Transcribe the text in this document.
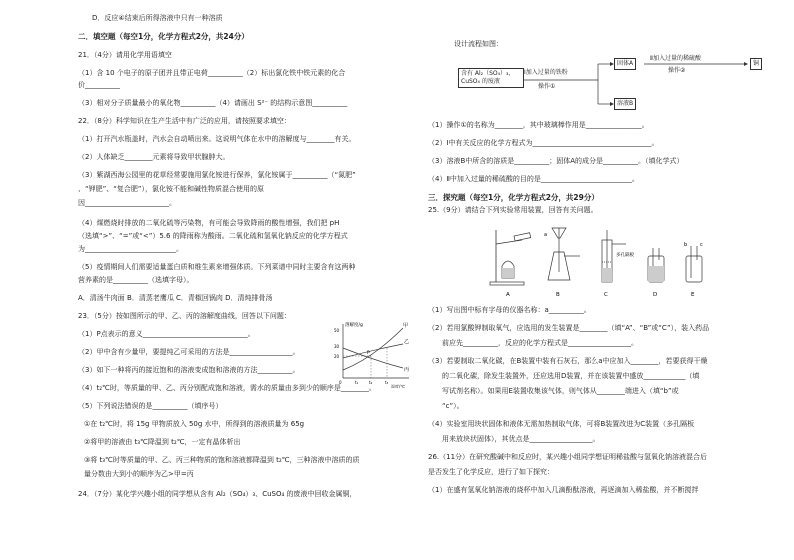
D．反应④结束后所得溶液中只有一种溶质
二．填空题（每空1分，化学方程式2分，共24分）
21．（4分）请用化学用语填空
（1）含 10 个电子的原子团并且带正电荷__________（2）标出氯化铁中铁元素的化合
价__________
（3）相对分子质量最小的氧化物__________（4）请画出 S²⁻ 的结构示意图__________
22．（8分）科学知识在生产生活中有广泛的应用，请按照要求填空：
（1）打开汽水瓶盖时，汽水会自动喷出来。这说明气体在水中的溶解度与________有关。
（2）人体缺乏________元素将导致甲状腺肿大。
（3）紫湖西海公园里的花草经常要施用氯化铵进行保养，氯化铵属于__________（“氮肥”
、“钾肥”、“复合肥”），氯化铵不能和碱性物质混合使用的原
因________________________。
（4）煤燃烧时排放的二氧化硫等污染物，有可能会导致降雨的酸性增强，我们把 pH
（选填“>”、“=”或“<”）5.6 的降雨称为酸雨。二氧化硫和氢氧化钠反应的化学方程式
为__________________________。
（5）疫情期间人们需要适量蛋白质和维生素来增强体质。下列菜谱中同时主要含有这两种
营养素的是__________（选填字母）。
A．清汤牛肉面 B．清蒸老鹰瓜 C．青椒回锅肉 D．清炖排骨汤
23．（5分）按如图所示的甲、乙、丙的溶解度曲线，回答以下问题：
（1）P点表示的意义______________________________。
（2）甲中含有少量甲，要提纯乙可采用的方法是__________________。
（3）如下一种将丙的接近饱和的溶液变成饱和溶液的方法__________。
（4）t₂℃时，等质量的甲、乙、丙分别配成饱和溶液，需水的质量由多到少的顺序是________。
（5）下列说法错误的是__________（填序号）
①在 t₂℃时，将 15g 甲物质放入 50g 水中，所得到的溶液质量为 65g
②将甲的溶液由 t₃℃降温到 t₂℃，一定有晶体析出
③将 t₃℃时等质量的甲、乙、丙三种物质的饱和溶液都降温到 t₂℃，三种溶液中溶质的质
量分数由大到小的顺序为乙>甲=丙
24．（7分）某化学兴趣小组的同学想从含有 Al₂（SO₄）₃、CuSO₄ 的废液中回收金属铜，
溶解度/g	甲
乙
丙
P
0	t₁	t₂	t₃
温度/℃
50
30
20
设计流程如图：
含有 Al₂（SO₄）₃、CuSO₄ 的废液
Ⅰ加入过量的铁粉
操作①
固体A
Ⅱ加入过量的稀硫酸
操作②
铜
溶液B
（1）操作①的名称为________，其中玻璃棒作用是________________。
（2）Ⅰ中有关反应的化学方程式为__________________________________。
（3）溶液B中所含的溶质是__________；固体A的成分是__________。（填化学式）
（4）Ⅱ中加入过量的稀硫酸的目的是__________________________。
三．探究题（每空1分，化学方程式2分，共29分）
25.（9分）请结合下列实验常用装置，回答有关问题。
a
b	c
多孔隔板
A	B	C	D	E
（1）写出图中标有字母的仪器名称：a__________。
（2）若用氯酸钾制取氧气，应选用的发生装置是________（填“A”、“B”或“C”），装入药品
前应先__________，反应的化学方程式是__________________。
（3）若要制取二氧化碳，在B装置中装有石灰石，那么a中应加入________，若要获得干燥
的二氧化碳，除发生装置外，还应选用D装置，并在该装置中盛放____________（填
写试剂名称）。如果用E装置收集该气体，则气体从________端进入（填“b”或
“c”）。
（4）实验室用块状固体和液体无需加热制取气体，可将B装置改进为C装置（多孔隔板
用来放块状固体），其优点是__________________。
26.（11分）在研究酸碱中和反应时，某兴趣小组同学想证明稀盐酸与氢氧化钠溶液混合后
是否发生了化学反应，进行了如下探究：
（1）在盛有氢氧化钠溶液的烧杯中加入几滴酚酞溶液，再逐滴加入稀盐酸，并不断搅拌
